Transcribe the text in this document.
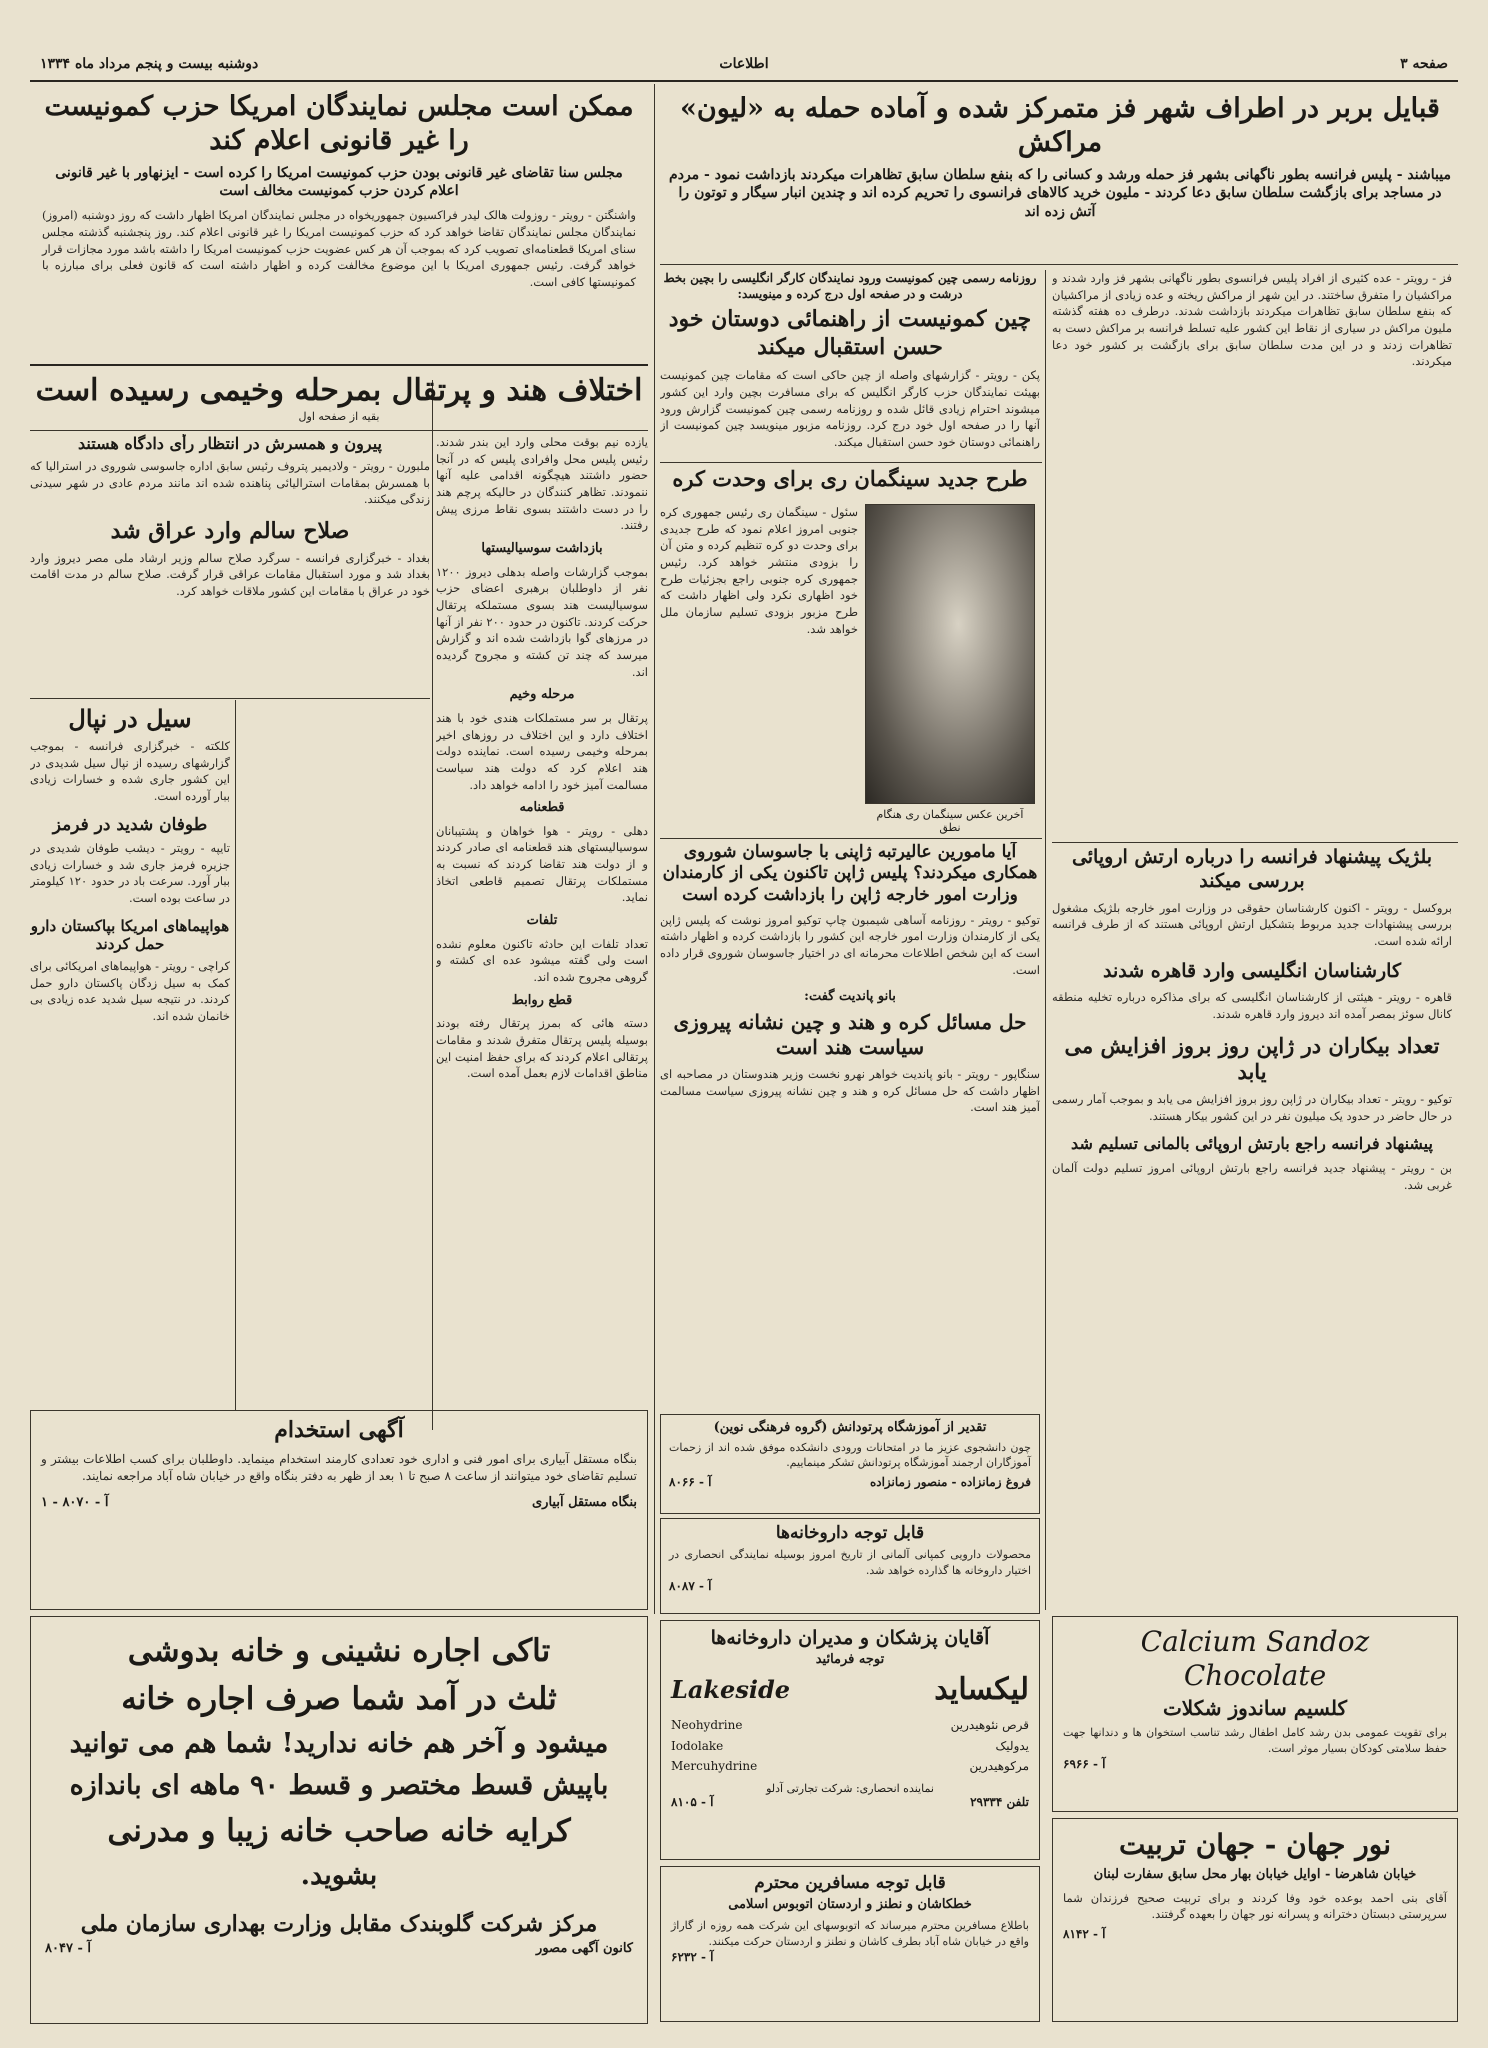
صفحه ۳
اطلاعات
دوشنبه بیست و پنجم مرداد ماه ۱۳۳۴
قبایل بربر در اطراف شهر فز متمرکز شده و آماده حمله به «لیون» مراکش
میباشند - پلیس فرانسه بطور ناگهانی بشهر فز حمله ورشد و کسانی را که بنفع سلطان سابق تظاهرات میکردند بازداشت نمود - مردم در مساجد برای بازگشت سلطان سابق دعا کردند - ملیون خرید کالاهای فرانسوی را تحریم کرده اند و چندین انبار سیگار و توتون را آتش زده اند
فز - رویتر - عده کثیری از افراد پلیس فرانسوی بطور ناگهانی بشهر فز وارد شدند و مراکشیان را متفرق ساختند. در این شهر از مراکش ریخته و عده زیادی از مراکشیان که بنفع سلطان سابق تظاهرات میکردند بازداشت شدند. درطرف ده هفته گذشته ملیون مراکش در سیاری از نقاط این کشور علیه تسلط فرانسه بر مراکش دست به تظاهرات زدند و در این مدت سلطان سابق برای بازگشت بر کشور خود دعا میکردند.
ممکن است مجلس نمایندگان امریکا حزب کمونیست را غیر قانونی اعلام کند
مجلس سنا تقاضای غیر قانونی بودن حزب کمونیست امریکا را کرده است - ایزنهاور با غیر قانونی اعلام کردن حزب کمونیست مخالف است
واشنگتن - رویتر - روزولت هالک لیدر فراکسیون جمهوریخواه در مجلس نمایندگان امریکا اظهار داشت که روز دوشنبه (امروز) نمایندگان مجلس نمایندگان تقاضا خواهد کرد که حزب کمونیست امریکا را غیر قانونی اعلام کند. روز پنجشنبه گذشته مجلس سنای امریکا قطعنامه‌ای تصویب کرد که بموجب آن هر کس عضویت حزب کمونیست امریکا را داشته باشد مورد مجازات قرار خواهد گرفت. رئیس جمهوری امریکا با این موضوع مخالفت کرده و اظهار داشته است که قانون فعلی برای مبارزه با کمونیستها کافی است.	روزنامه رسمی چین کمونیست ورود نمایندگان کارگر انگلیسی را بچین بخط درشت و در صفحه اول درج کرده و مینویسد:
چین کمونیست از راهنمائی دوستان خود حسن استقبال میکند
پکن - رویتر - گزارشهای واصله از چین حاکی است که مقامات چین کمونیست بهیئت نمایندگان حزب کارگر انگلیس که برای مسافرت بچین وارد این کشور میشوند احترام زیادی قائل شده و روزنامه رسمی چین کمونیست گزارش ورود آنها را در صفحه اول خود درج کرد. روزنامه مزبور مینویسد چین کمونیست از راهنمائی دوستان خود حسن استقبال میکند.
اختلاف هند و پرتقال بمرحله وخیمی رسیده است
بقیه از صفحه اول
یازده نیم بوقت محلی وارد این بندر شدند. رئیس پلیس محل وافرادی پلیس که در آنجا حضور داشتند هیچگونه اقدامی علیه آنها ننمودند. تظاهر کنندگان در حالیکه پرچم هند را در دست داشتند بسوی نقاط مرزی پیش رفتند.
بازداشت سوسیالیستها
بموجب گزارشات واصله بدهلی دیروز ۱۲۰۰ نفر از داوطلبان برهبری اعضای حزب سوسیالیست هند بسوی مستملکه پرتقال حرکت کردند. تاکنون در حدود ۲۰۰ نفر از آنها در مرزهای گوا بازداشت شده اند و گزارش میرسد که چند تن کشته و مجروح گردیده اند.
مرحله وخیم
پرتقال بر سر مستملکات هندی خود با هند اختلاف دارد و این اختلاف در روزهای اخیر بمرحله وخیمی رسیده است. نماینده دولت هند اعلام کرد که دولت هند سیاست مسالمت آمیز خود را ادامه خواهد داد.
قطعنامه
دهلی - رویتر - هوا خواهان و پشتیبانان سوسیالیستهای هند قطعنامه ای صادر کردند و از دولت هند تقاضا کردند که نسبت به مستملکات پرتقال تصمیم قاطعی اتخاذ نماید.
تلفات
تعداد تلفات این حادثه تاکنون معلوم نشده است ولی گفته میشود عده ای کشته و گروهی مجروح شده اند.
قطع روابط
دسته هائی که بمرز پرتقال رفته بودند بوسیله پلیس پرتقال متفرق شدند و مقامات پرتقالی اعلام کردند که برای حفظ امنیت این مناطق اقدامات لازم بعمل آمده است.
پیرون و همسرش در انتظار رأی دادگاه هستند
ملبورن - رویتر - ولادیمیر پتروف رئیس سابق اداره جاسوسی شوروی در استرالیا که با همسرش بمقامات استرالیائی پناهنده شده اند مانند مردم عادی در شهر سیدنی زندگی میکنند.
صلاح سالم وارد عراق شد
بغداد - خبرگزاری فرانسه - سرگرد صلاح سالم وزیر ارشاد ملی مصر دیروز وارد بغداد شد و مورد استقبال مقامات عراقی قرار گرفت. صلاح سالم در مدت اقامت خود در عراق با مقامات این کشور ملاقات خواهد کرد.
سیل در نپال
کلکته - خبرگزاری فرانسه - بموجب گزارشهای رسیده از نپال سیل شدیدی در این کشور جاری شده و خسارات زیادی ببار آورده است.
طوفان شدید در فرمز
تایپه - رویتر - دیشب طوفان شدیدی در جزیره فرمز جاری شد و خسارات زیادی ببار آورد. سرعت باد در حدود ۱۲۰ کیلومتر در ساعت بوده است.
هواپیماهای امریکا بپاکستان دارو حمل کردند
کراچی - رویتر - هواپیماهای امریکائی برای کمک به سیل زدگان پاکستان دارو حمل کردند. در نتیجه سیل شدید عده زیادی بی خانمان شده اند.
آگهی استخدام
بنگاه مستقل آبیاری برای امور فنی و اداری خود تعدادی کارمند استخدام مینماید. داوطلبان برای کسب اطلاعات بیشتر و تسلیم تقاضای خود میتوانند از ساعت ۸ صبح تا ۱ بعد از ظهر به دفتر بنگاه واقع در خیابان شاه آباد مراجعه نمایند.
بنگاه مستقل آبیاری
آ - ۸۰۷۰ - ۱
طرح جدید سینگمان ری برای وحدت کره
آخرین عکس سینگمان ری هنگام نطق
سئول - سینگمان ری رئیس جمهوری کره جنوبی امروز اعلام نمود که طرح جدیدی برای وحدت دو کره تنظیم کرده و متن آن را بزودی منتشر خواهد کرد. رئیس جمهوری کره جنوبی راجع بجزئیات طرح خود اظهاری نکرد ولی اظهار داشت که طرح مزبور بزودی تسلیم سازمان ملل خواهد شد.
آیا مامورین عالیرتبه ژاپنی با جاسوسان شوروی همکاری میکردند؟ پلیس ژاپن تاکنون یکی از کارمندان وزارت امور خارجه ژاپن را بازداشت کرده است
توکیو - رویتر - روزنامه آساهی شیمبون چاپ توکیو امروز نوشت که پلیس ژاپن یکی از کارمندان وزارت امور خارجه این کشور را بازداشت کرده و اظهار داشته است که این شخص اطلاعات محرمانه ای در اختیار جاسوسان شوروی قرار داده است.
بانو پاندیت گفت:
حل مسائل کره و هند و چین نشانه پیروزی سیاست هند است
سنگاپور - رویتر - بانو پاندیت خواهر نهرو نخست وزیر هندوستان در مصاحبه ای اظهار داشت که حل مسائل کره و هند و چین نشانه پیروزی سیاست مسالمت آمیز هند است.
بلژیک پیشنهاد فرانسه را درباره ارتش اروپائی بررسی میکند
بروکسل - رویتر - اکنون کارشناسان حقوقی در وزارت امور خارجه بلژیک مشغول بررسی پیشنهادات جدید مربوط بتشکیل ارتش اروپائی هستند که از طرف فرانسه ارائه شده است.
کارشناسان انگلیسی وارد قاهره شدند
قاهره - رویتر - هیئتی از کارشناسان انگلیسی که برای مذاکره درباره تخلیه منطقه کانال سوئز بمصر آمده اند دیروز وارد قاهره شدند.
تعداد بیکاران در ژاپن روز بروز افزایش می یابد
توکیو - رویتر - تعداد بیکاران در ژاپن روز بروز افزایش می یابد و بموجب آمار رسمی در حال حاضر در حدود یک میلیون نفر در این کشور بیکار هستند.
پیشنهاد فرانسه راجع بارتش اروپائی بالمانی تسلیم شد
بن - رویتر - پیشنهاد جدید فرانسه راجع بارتش اروپائی امروز تسلیم دولت آلمان غربی شد.
تقدیر از آموزشگاه پرتودانش (گروه فرهنگی نوین)
چون دانشجوی عزیز ما در امتحانات ورودی دانشکده موفق شده اند از زحمات آموزگاران ارجمند آموزشگاه پرتودانش تشکر مینماییم.
فروغ زمانزاده - منصور زمانزاده
آ - ۸۰۶۶
قابل توجه داروخانه‌ها
محصولات دارویی کمپانی آلمانی از تاریخ امروز بوسیله نمایندگی انحصاری در اختیار داروخانه ها گذارده خواهد شد.
آ - ۸۰۸۷
آقایان پزشکان و مدیران داروخانه‌ها
توجه فرمائید
لیکساید
Lakeside
قرص نئوهیدرین
یدولیک
مرکوهیدرین
Neohydrine
Iodolake
Mercuhydrine
نماینده انحصاری: شرکت تجارتی آدلو
تلفن ۲۹۳۳۴
آ - ۸۱۰۵
قابل توجه مسافرین محترم
خطکاشان و نطنز و اردستان اتوبوس اسلامی
باطلاع مسافرین محترم میرساند که اتوبوسهای این شرکت همه روزه از گاراژ واقع در خیابان شاه آباد بطرف کاشان و نطنز و اردستان حرکت میکنند.
آ - ۶۲۳۲
تاکی اجاره نشینی و خانه بدوشی
ثلث در آمد شما صرف اجاره خانه
میشود و آخر هم خانه ندارید! شما هم می توانید
باپیش قسط مختصر و قسط ۹۰ ماهه ای باندازه
کرایه خانه صاحب خانه زیبا و مدرنی
بشوید.
مرکز شرکت گلوبندک مقابل وزارت بهداری سازمان ملی
کانون آگهی مصور
آ - ۸۰۴۷
Calcium Sandoz
Chocolate
کلسیم ساندوز شکلات
برای تقویت عمومی بدن رشد کامل اطفال رشد تناسب استخوان ها و دندانها جهت حفظ سلامتی کودکان بسیار موثر است.
آ - ۶۹۶۶
نور جهان - جهان تربیت
خیابان شاهرضا - اوایل خیابان بهار محل سابق سفارت لبنان
آقای بنی احمد بوعده خود وفا کردند و برای تربیت صحیح فرزندان شما سرپرستی دبستان دخترانه و پسرانه نور جهان را بعهده گرفتند.
آ - ۸۱۴۲
